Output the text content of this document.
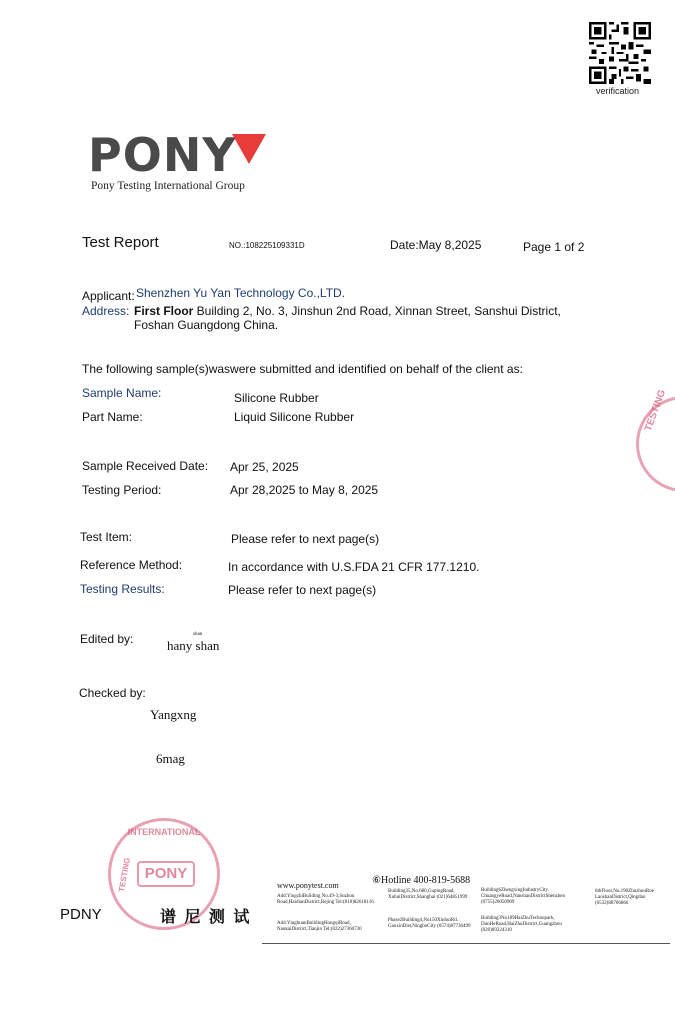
verification
PONY
Pony Testing International Group
Test Report	NO.:108225109331D	Date:May 8,2025	Page 1 of 2
Applicant: Shenzhen Yu Yan Technology Co.,LTD.
Address: First Floor Building 2, No. 3, Jinshun 2nd Road, Xinnan Street, Sanshui District,
Foshan Guangdong China.
The following sample(s)waswere submitted and identified on behalf of the client as:
Sample Name:	Silicone Rubber
Part Name:	Liquid Silicone Rubber
Sample Received Date: Apr 25, 2025
Testing Period:	Apr 28,2025 to May 8, 2025
Test Item:	Please refer to next page(s)
Reference Method:	In accordance with U.S.FDA 21 CFR 177.1210.
Testing Results:	Please refer to next page(s)
Edited by:	hany shan
shan
Checked by:
Yangxng
6mag
TESTING
INTERNATIONAL
TESTING PONY
PDNY	谱 尼 测 试
www.ponytest.com	⑥Hotline 400-819-5688
Add:YingzhiBuilding No.49-3,Suzhou Road,HaidianDistrict,Bejing Tel:(010)82618116
Add:YinghuanBuildingHongqiRoad, NankaiDistrict,Tianjin Tel:(022)27360730
Building35,No.680,GupingRoad, XuhuiDistrict,Shanghai (021)64851999
Phase2Building4,No150XinhuiRd. GaoxinDist,NingboCity (0574)87736499
Building6ZhengxingIndustryCity. ChuangyeRoad,NanshanDistrictShenzhen (0755)26050909
Building3No189HaiZhuTechnopark, DunHeRoad,HaiZhuDistrict,Guangzhou (020)89224310
6thFloor,No.190ZhuzhouRoe LaoshanDistrict,Qingdao (0532)88706866
